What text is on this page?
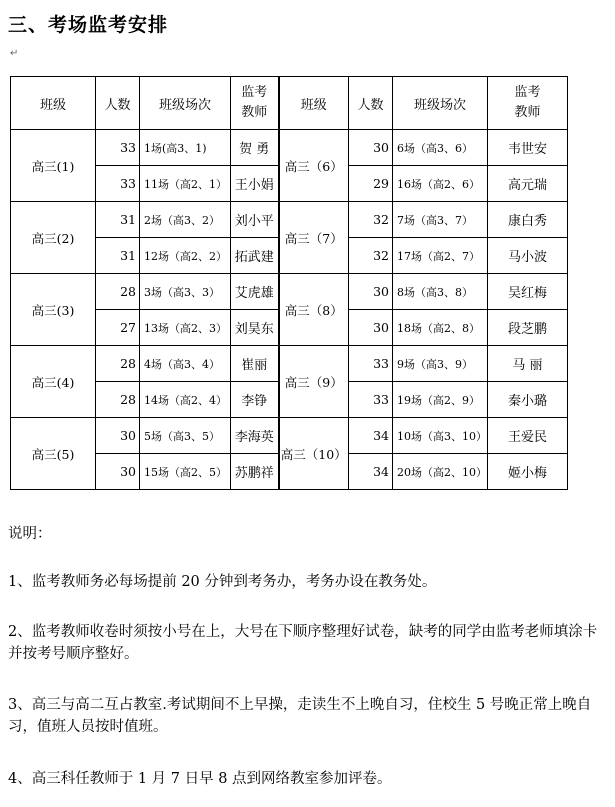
三、考场监考安排
↵
班级	人数	班级场次	监考教师	班级	人数	班级场次	监考教师
高三(1)	33	1场(高3、1)	贺 勇	高三（6）	30	6场（高3、6）	韦世安
	33	11场（高2、1）	王小娟		29	16场（高2、6）	高元瑞
高三(2)	31	2场（高3、2）	刘小平	高三（7）	32	7场（高3、7）	康白秀
	31	12场（高2、2）	拓武建		32	17场（高2、7）	马小波
高三(3)	28	3场（高3、3）	艾虎雄	高三（8）	30	8场（高3、8）	吴红梅
	27	13场（高2、3）	刘昊东		30	18场（高2、8）	段芝鹏
高三(4)	28	4场（高3、4）	崔丽	高三（9）	33	9场（高3、9）	马 丽
	28	14场（高2、4）	李铮		33	19场（高2、9）	秦小璐
高三(5)	30	5场（高3、5）	李海英	高三（10）	34	10场（高3、10）	王爱民
	30	15场（高2、5）	苏鹏祥		34	20场（高2、10）	姬小梅
说明：
1、监考教师务必每场提前 20 分钟到考务办，考务办设在教务处。
2、监考教师收卷时须按小号在上，大号在下顺序整理好试卷，缺考的同学由监考老师填涂卡并按考号顺序整好。
3、高三与高二互占教室.考试期间不上早操，走读生不上晚自习，住校生 5 号晚正常上晚自习，值班人员按时值班。
4、高三科任教师于 1 月 7 日早 8 点到网络教室参加评卷。
